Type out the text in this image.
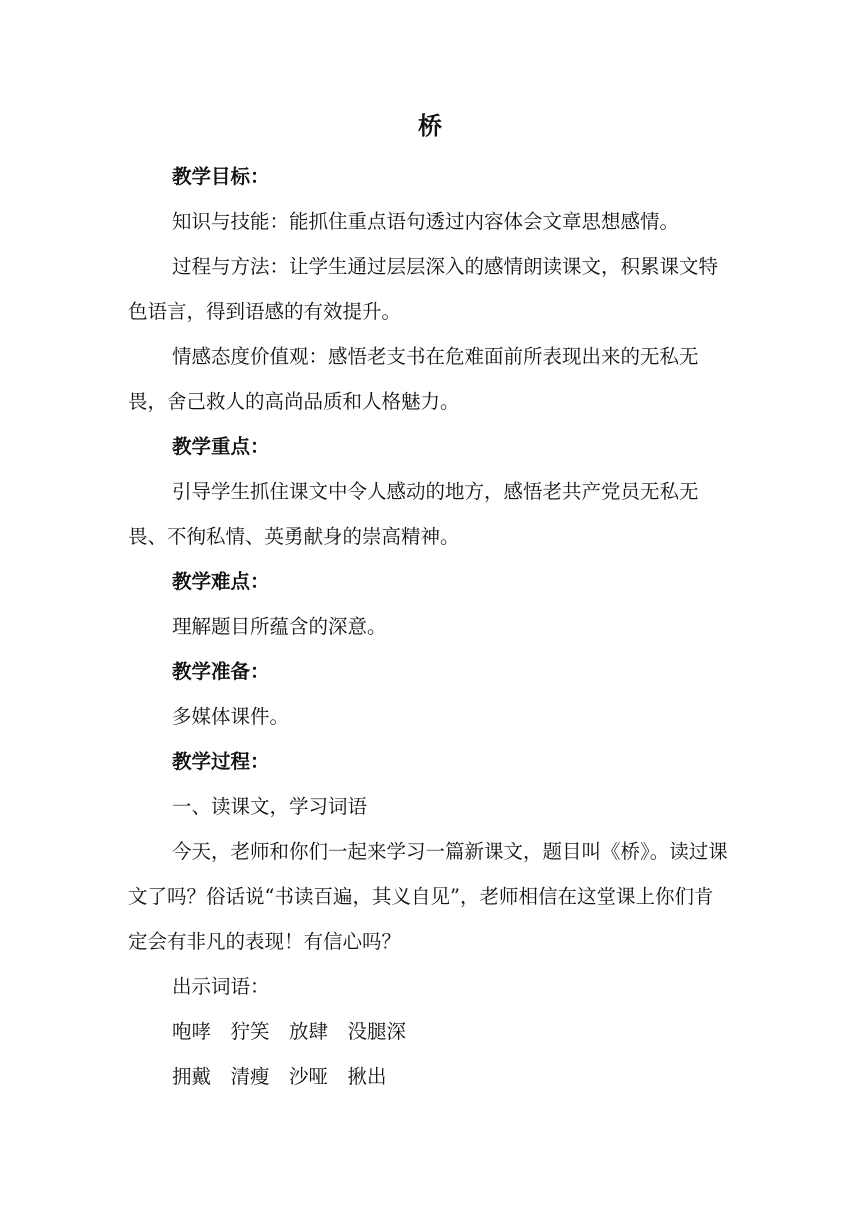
桥

教学目标：

知识与技能：能抓住重点语句透过内容体会文章思想感情。

过程与方法：让学生通过层层深入的感情朗读课文，积累课文特色语言，得到语感的有效提升。

情感态度价值观：感悟老支书在危难面前所表现出来的无私无畏，舍己救人的高尚品质和人格魅力。

教学重点：

引导学生抓住课文中令人感动的地方，感悟老共产党员无私无畏、不徇私情、英勇献身的崇高精神。

教学难点：

理解题目所蕴含的深意。

教学准备：

多媒体课件。

教学过程：

一、读课文，学习词语

今天，老师和你们一起来学习一篇新课文，题目叫《桥》。读过课文了吗？俗话说“书读百遍，其义自见”，老师相信在这堂课上你们肯定会有非凡的表现！有信心吗？

出示词语：

咆哮　狞笑　放肆　没腿深

拥戴　清瘦　沙哑　揪出
